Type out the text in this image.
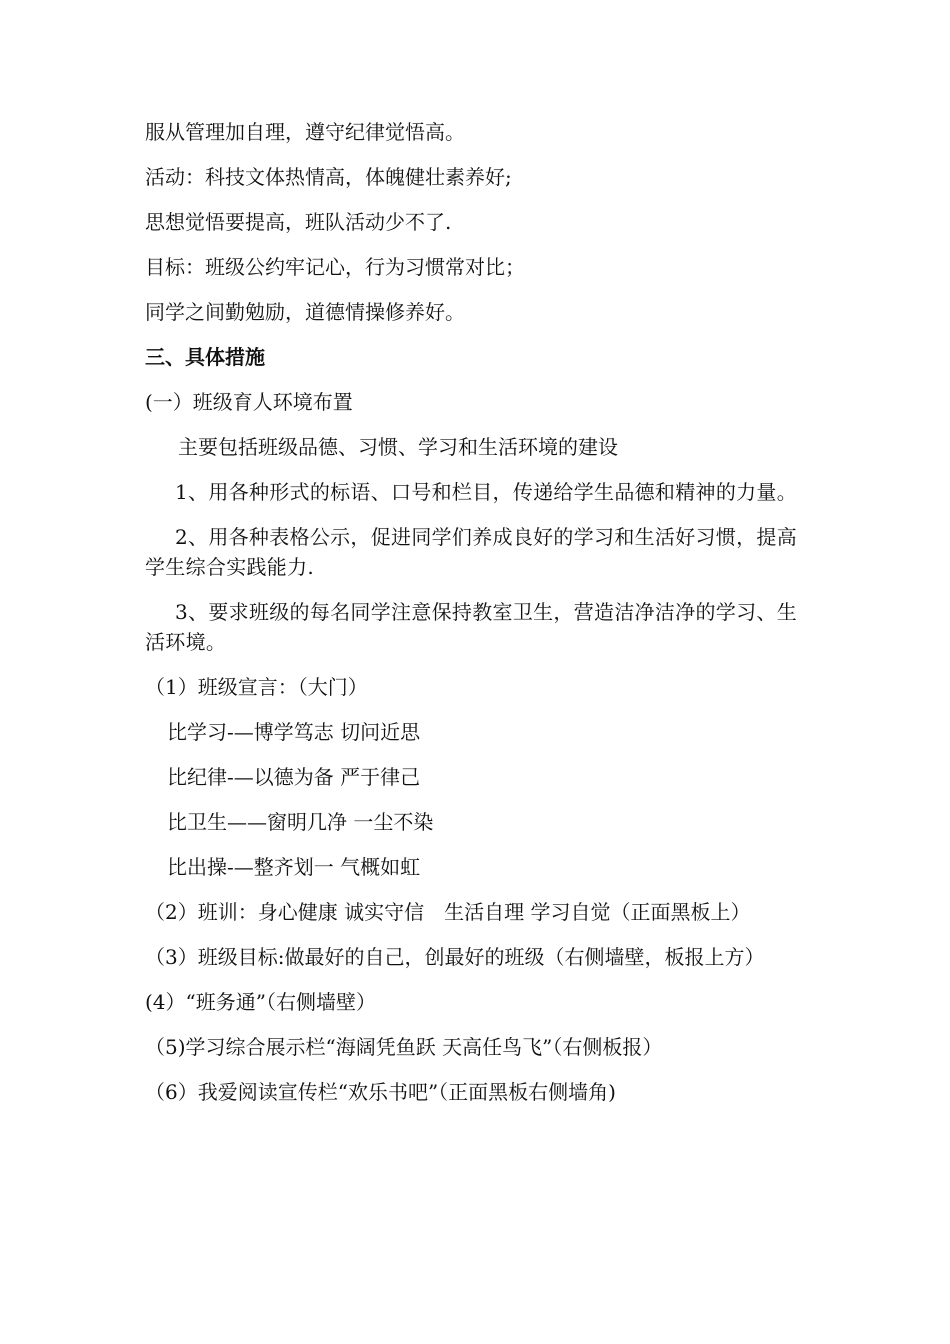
服从管理加自理，遵守纪律觉悟高。

活动：科技文体热情高，体魄健壮素养好;

思想觉悟要提高，班队活动少不了.

目标：班级公约牢记心，行为习惯常对比；

同学之间勤勉励，道德情操修养好。

三、具体措施

(一）班级育人环境布置

主要包括班级品德、习惯、学习和生活环境的建设

1、用各种形式的标语、口号和栏目，传递给学生品德和精神的力量。

2、用各种表格公示，促进同学们养成良好的学习和生活好习惯，提高学生综合实践能力.

3、要求班级的每名同学注意保持教室卫生，营造洁净洁净的学习、生活环境。

（1）班级宣言：（大门）

比学习-—博学笃志 切问近思

比纪律-—以德为备 严于律己

比卫生——窗明几净 一尘不染

比出操-—整齐划一 气概如虹

（2）班训：身心健康 诚实守信　生活自理 学习自觉（正面黑板上）

（3）班级目标:做最好的自己，创最好的班级（右侧墙壁，板报上方）

(4）“班务通”（右侧墙壁）

（5)学习综合展示栏“海阔凭鱼跃 天高任鸟飞”（右侧板报）

（6）我爱阅读宣传栏“欢乐书吧”（正面黑板右侧墙角)
